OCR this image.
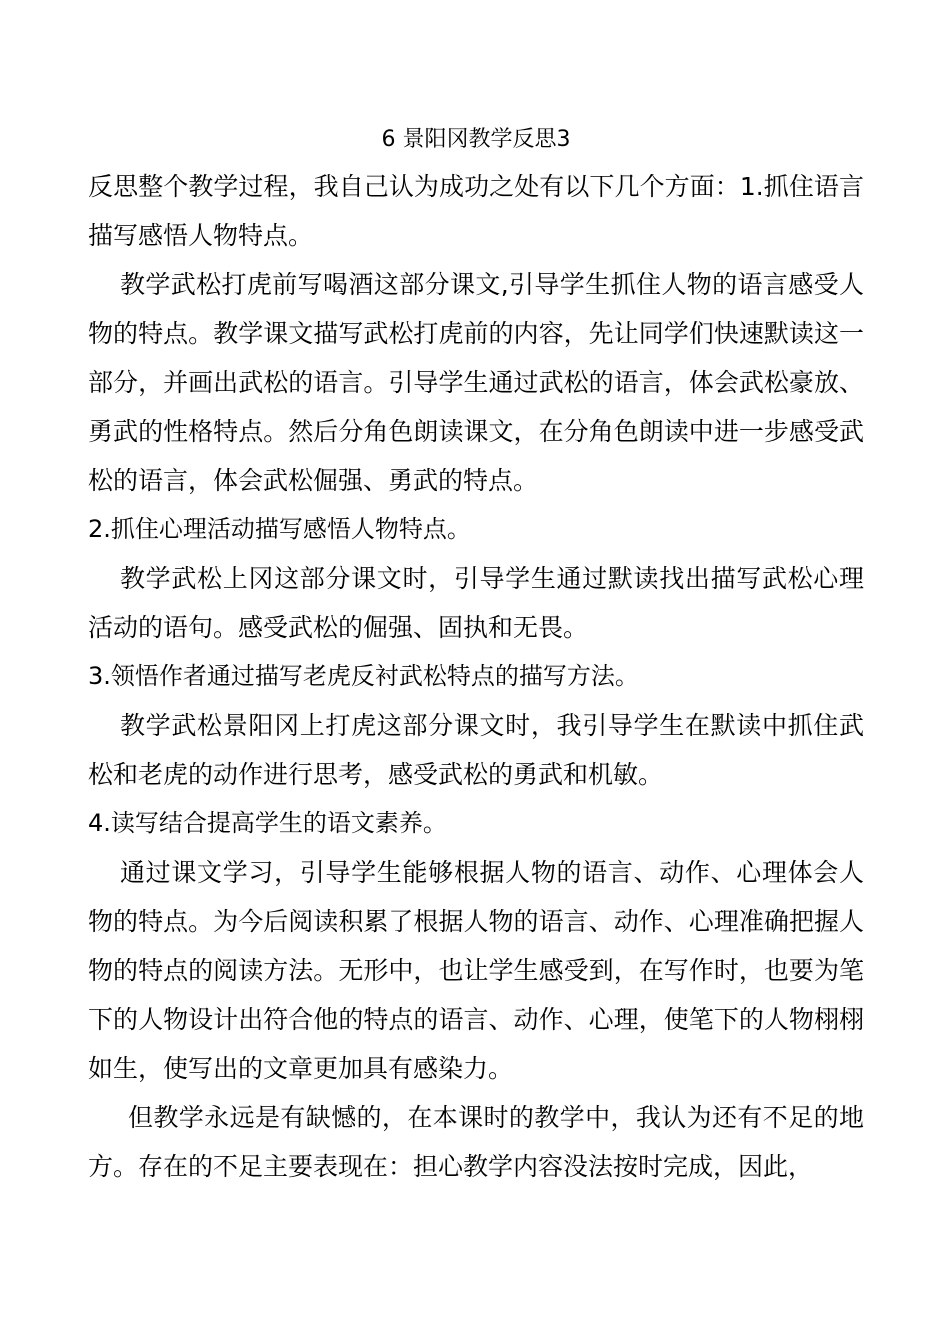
6 景阳冈教学反思3

反思整个教学过程，我自己认为成功之处有以下几个方面：1.抓住语言描写感悟人物特点。

教学武松打虎前写喝酒这部分课文,引导学生抓住人物的语言感受人物的特点。教学课文描写武松打虎前的内容，先让同学们快速默读这一部分，并画出武松的语言。引导学生通过武松的语言，体会武松豪放、勇武的性格特点。然后分角色朗读课文，在分角色朗读中进一步感受武松的语言，体会武松倔强、勇武的特点。

2.抓住心理活动描写感悟人物特点。

教学武松上冈这部分课文时，引导学生通过默读找出描写武松心理活动的语句。感受武松的倔强、固执和无畏。

3.领悟作者通过描写老虎反衬武松特点的描写方法。

教学武松景阳冈上打虎这部分课文时，我引导学生在默读中抓住武松和老虎的动作进行思考，感受武松的勇武和机敏。

4.读写结合提高学生的语文素养。

通过课文学习，引导学生能够根据人物的语言、动作、心理体会人物的特点。为今后阅读积累了根据人物的语言、动作、心理准确把握人物的特点的阅读方法。无形中，也让学生感受到，在写作时，也要为笔下的人物设计出符合他的特点的语言、动作、心理，使笔下的人物栩栩如生，使写出的文章更加具有感染力。

但教学永远是有缺憾的，在本课时的教学中，我认为还有不足的地方。存在的不足主要表现在：担心教学内容没法按时完成，因此，
